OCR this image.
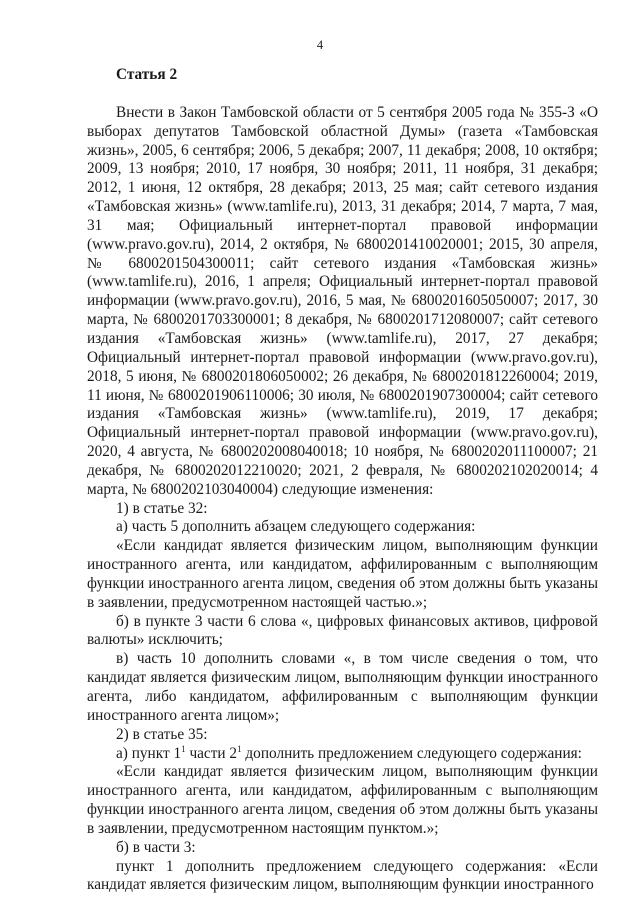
4

Статья 2

Внести в Закон Тамбовской области от 5 сентября 2005 года № 355-З «О выборах депутатов Тамбовской областной Думы» (газета «Тамбовская жизнь», 2005, 6 сентября; 2006, 5 декабря; 2007, 11 декабря; 2008, 10 октября; 2009, 13 ноября; 2010, 17 ноября, 30 ноября; 2011, 11 ноября, 31 декабря; 2012, 1 июня, 12 октября, 28 декабря; 2013, 25 мая; сайт сетевого издания «Тамбовская жизнь» (www.tamlife.ru), 2013, 31 декабря; 2014, 7 марта, 7 мая, 31 мая; Официальный интернет-портал правовой информации (www.pravo.gov.ru), 2014, 2 октября, № 6800201410020001; 2015, 30 апреля, № 6800201504300011; сайт сетевого издания «Тамбовская жизнь» (www.tamlife.ru), 2016, 1 апреля; Официальный интернет-портал правовой информации (www.pravo.gov.ru), 2016, 5 мая, № 6800201605050007; 2017, 30 марта, № 6800201703300001; 8 декабря, № 6800201712080007; сайт сетевого издания «Тамбовская жизнь» (www.tamlife.ru), 2017, 27 декабря; Официальный интернет-портал правовой информации (www.pravo.gov.ru), 2018, 5 июня, № 6800201806050002; 26 декабря, № 6800201812260004; 2019, 11 июня, № 6800201906110006; 30 июля, № 6800201907300004; сайт сетевого издания «Тамбовская жизнь» (www.tamlife.ru), 2019, 17 декабря; Официальный интернет-портал правовой информации (www.pravo.gov.ru), 2020, 4 августа, № 6800202008040018; 10 ноября, № 6800202011100007; 21 декабря, № 6800202012210020; 2021, 2 февраля, № 6800202102020014; 4 марта, № 6800202103040004) следующие изменения:

1) в статье 32:

а) часть 5 дополнить абзацем следующего содержания:

«Если кандидат является физическим лицом, выполняющим функции иностранного агента, или кандидатом, аффилированным с выполняющим функции иностранного агента лицом, сведения об этом должны быть указаны в заявлении, предусмотренном настоящей частью.»;

б) в пункте 3 части 6 слова «, цифровых финансовых активов, цифровой валюты» исключить;

в) часть 10 дополнить словами «, в том числе сведения о том, что кандидат является физическим лицом, выполняющим функции иностранного агента, либо кандидатом, аффилированным с выполняющим функции иностранного агента лицом»;

2) в статье 35:

а) пункт $1^1$ части $2^1$ дополнить предложением следующего содержания:

«Если кандидат является физическим лицом, выполняющим функции иностранного агента, или кандидатом, аффилированным с выполняющим функции иностранного агента лицом, сведения об этом должны быть указаны в заявлении, предусмотренном настоящим пунктом.»;

б) в части 3:

пункт 1 дополнить предложением следующего содержания: «Если кандидат является физическим лицом, выполняющим функции иностранного
